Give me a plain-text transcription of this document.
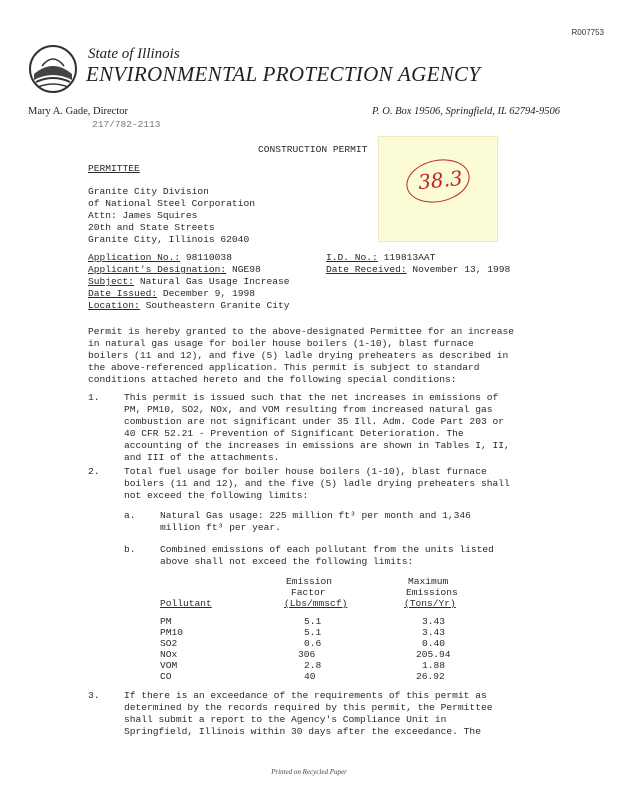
R007753
State of Illinois
ENVIRONMENTAL PROTECTION AGENCY
Mary A. Gade, Director	P. O. Box 19506, Springfield, IL 62794-9506
217/782-2113
38.3
CONSTRUCTION PERMIT
PERMITTEE
Granite City Division
of National Steel Corporation
Attn: James Squires
20th and State Streets
Granite City, Illinois 62040
Application No.: 98110038
Applicant's Designation: NGE98
Subject: Natural Gas Usage Increase
Date Issued: December 9, 1998
Location: Southeastern Granite City
I.D. No.: 119813AAT
Date Received: November 13, 1998
Permit is hereby granted to the above-designated Permittee for an increase
in natural gas usage for boiler house boilers (1-10), blast furnace
boilers (11 and 12), and five (5) ladle drying preheaters as described in
the above-referenced application. This permit is subject to standard
conditions attached hereto and the following special conditions:
1.	This permit is issued such that the net increases in emissions of
PM, PM10, SO2, NOx, and VOM resulting from increased natural gas
combustion are not significant under 35 Ill. Adm. Code Part 203 or
40 CFR 52.21 - Prevention of Significant Deterioration. The
accounting of the increases in emissions are shown in Tables I, II,
and III of the attachments.
2.	Total fuel usage for boiler house boilers (1-10), blast furnace
boilers (11 and 12), and the five (5) ladle drying preheaters shall
not exceed the following limits:
a.	Natural Gas usage: 225 million ft³ per month and 1,346
million ft³ per year.
b.	Combined emissions of each pollutant from the units listed
above shall not exceed the following limits:
Emission
Factor
(Lbs/mmscf)
Maximum
Emissions
(Tons/Yr)
Pollutant
PM	5.1	3.43
PM10	5.1	3.43
SO2	0.6	0.40
NOx	306	205.94
VOM	2.8	1.88
CO	40	26.92
3.	If there is an exceedance of the requirements of this permit as
determined by the records required by this permit, the Permittee
shall submit a report to the Agency's Compliance Unit in
Springfield, Illinois within 30 days after the exceedance. The
Printed on Recycled Paper
